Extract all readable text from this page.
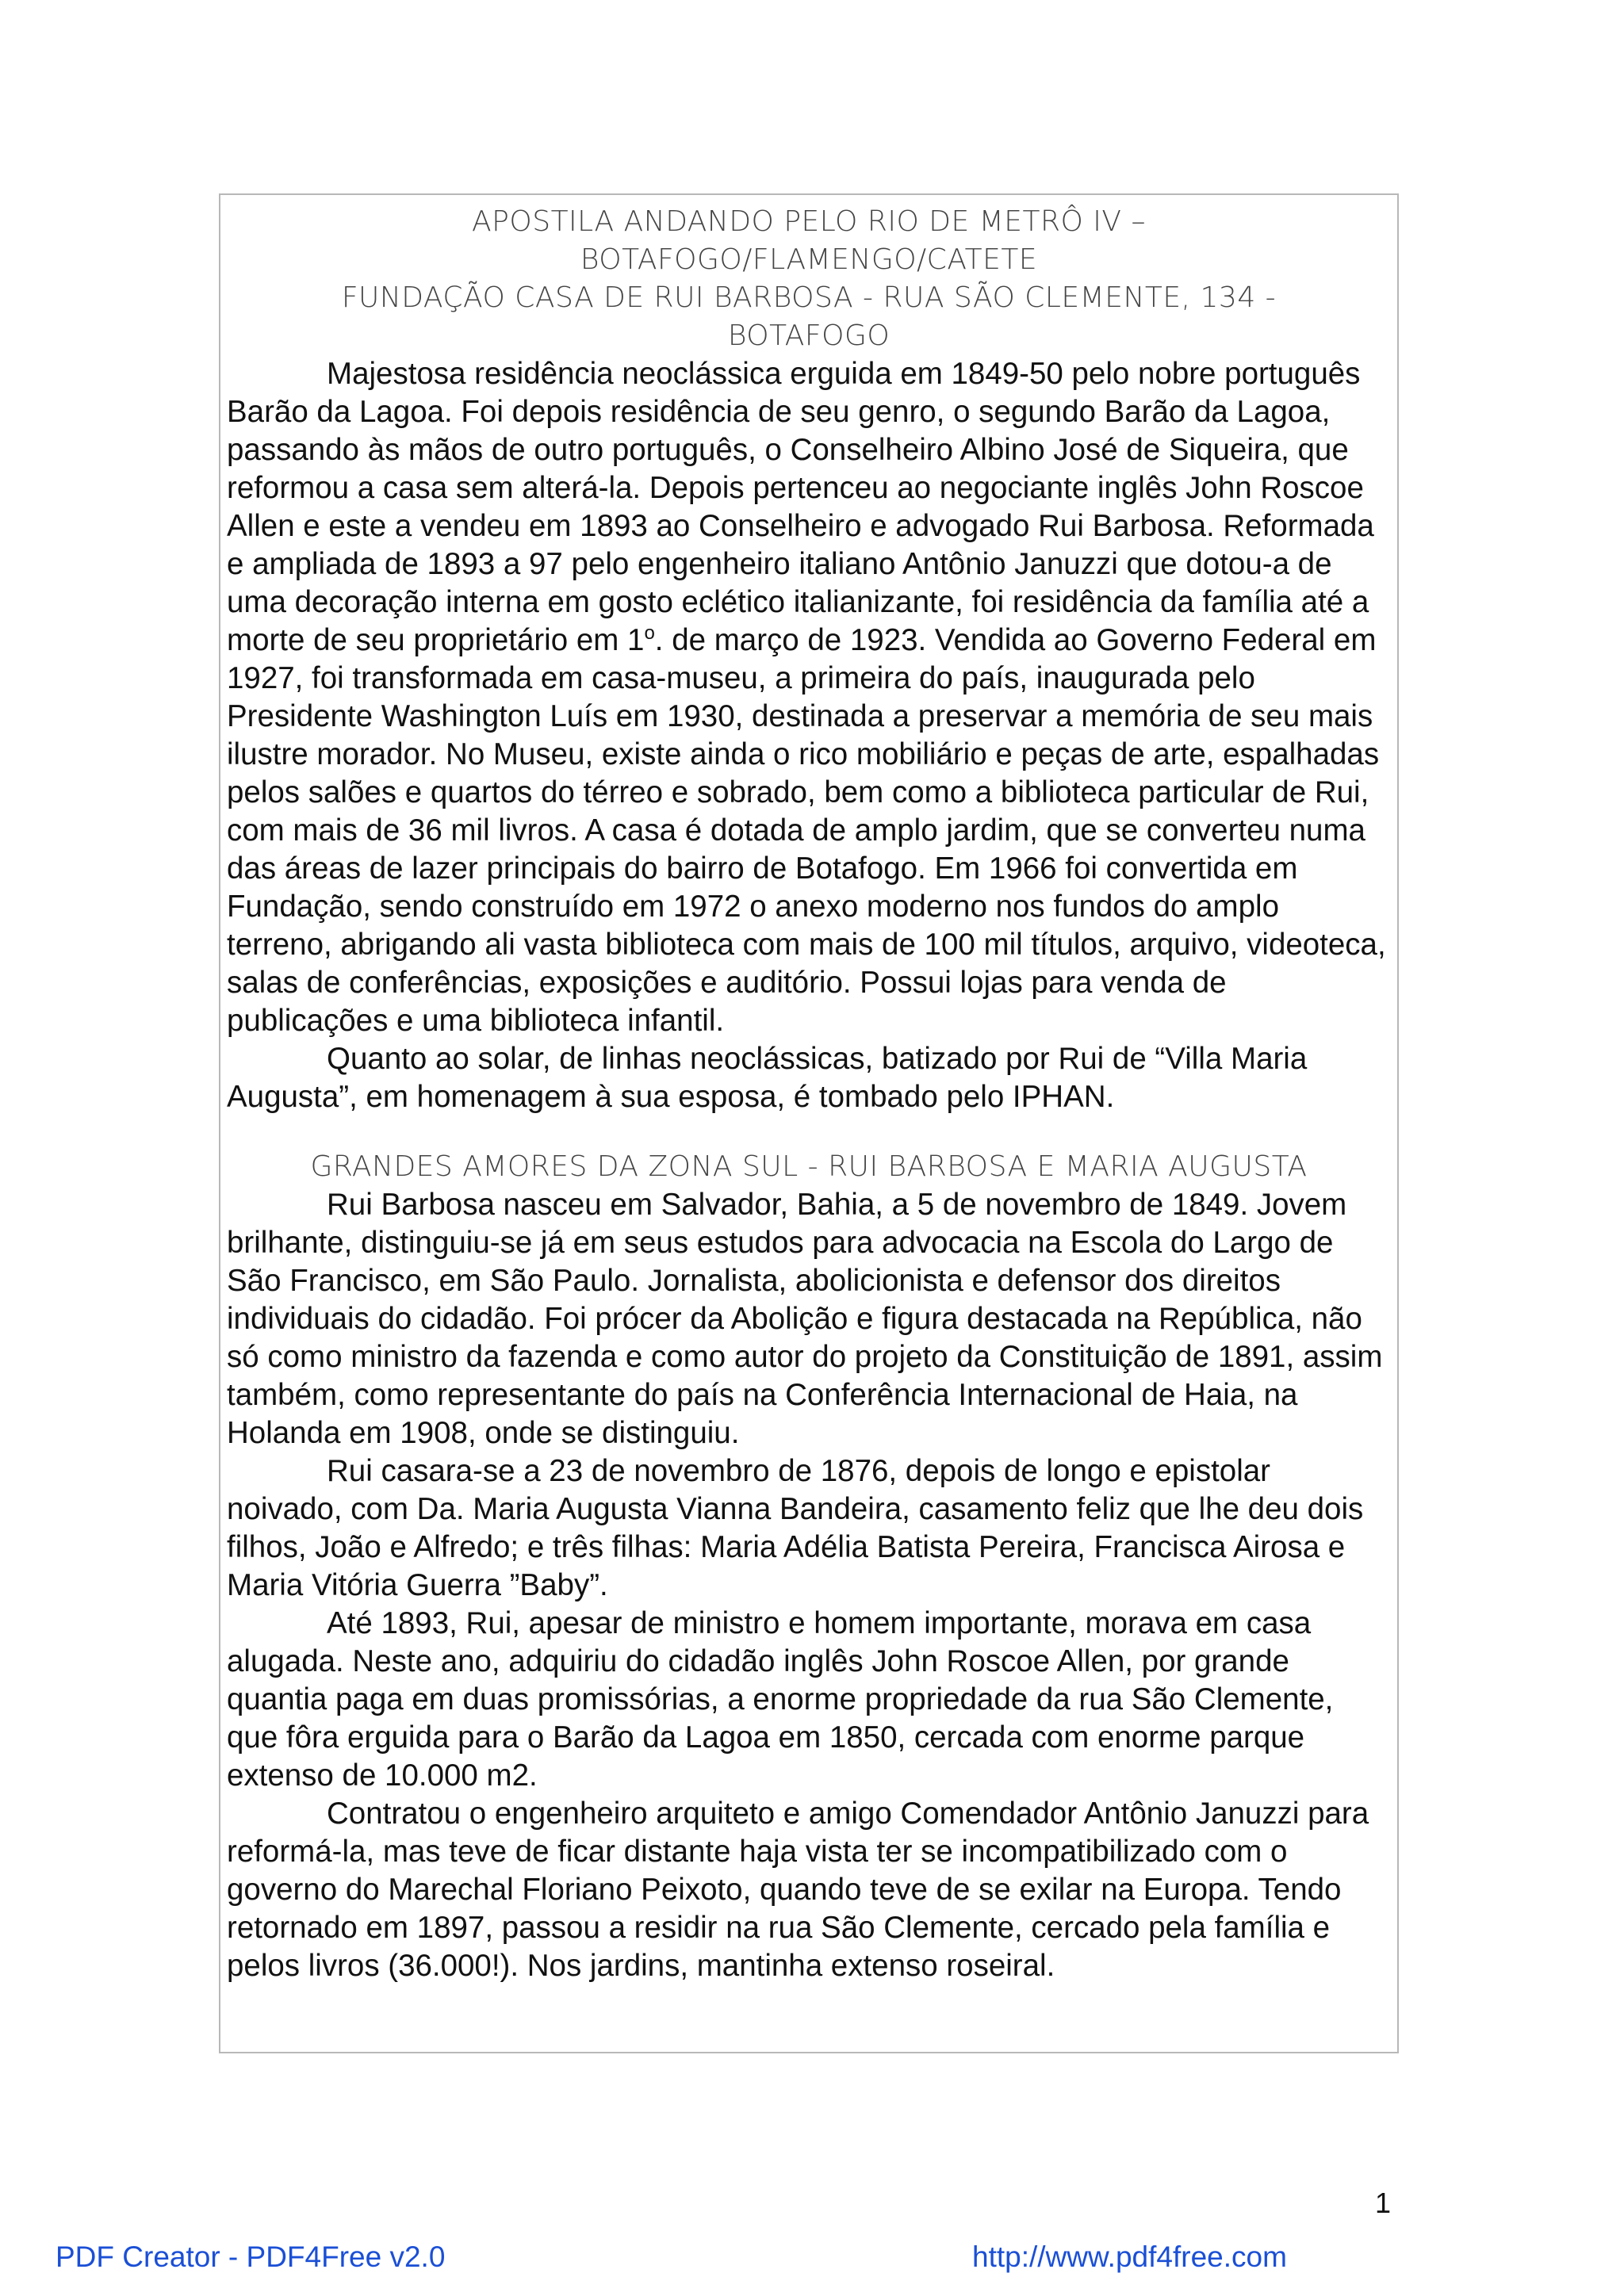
APOSTILA ANDANDO PELO RIO DE METRÔ IV –
BOTAFOGO/FLAMENGO/CATETE
FUNDAÇÃO CASA DE RUI BARBOSA - RUA SÃO CLEMENTE, 134 -
BOTAFOGO

Majestosa residência neoclássica erguida em 1849-50 pelo nobre português Barão da Lagoa. Foi depois residência de seu genro, o segundo Barão da Lagoa, passando às mãos de outro português, o Conselheiro Albino José de Siqueira, que reformou a casa sem alterá-la. Depois pertenceu ao negociante inglês John Roscoe Allen e este a vendeu em 1893 ao Conselheiro e advogado Rui Barbosa. Reformada e ampliada de 1893 a 97 pelo engenheiro italiano Antônio Januzzi que dotou-a de uma decoração interna em gosto eclético italianizante, foi residência da família até a morte de seu proprietário em 1$^o$. de março de 1923. Vendida ao Governo Federal em 1927, foi transformada em casa-museu, a primeira do país, inaugurada pelo Presidente Washington Luís em 1930, destinada a preservar a memória de seu mais ilustre morador. No Museu, existe ainda o rico mobiliário e peças de arte, espalhadas pelos salões e quartos do térreo e sobrado, bem como a biblioteca particular de Rui, com mais de 36 mil livros. A casa é dotada de amplo jardim, que se converteu numa das áreas de lazer principais do bairro de Botafogo. Em 1966 foi convertida em Fundação, sendo construído em 1972 o anexo moderno nos fundos do amplo terreno, abrigando ali vasta biblioteca com mais de 100 mil títulos, arquivo, videoteca, salas de conferências, exposições e auditório. Possui lojas para venda de publicações e uma biblioteca infantil.

Quanto ao solar, de linhas neoclássicas, batizado por Rui de “Villa Maria Augusta”, em homenagem à sua esposa, é tombado pelo IPHAN.

GRANDES AMORES DA ZONA SUL - RUI BARBOSA E MARIA AUGUSTA

Rui Barbosa nasceu em Salvador, Bahia, a 5 de novembro de 1849. Jovem brilhante, distinguiu-se já em seus estudos para advocacia na Escola do Largo de São Francisco, em São Paulo. Jornalista, abolicionista e defensor dos direitos individuais do cidadão. Foi prócer da Abolição e figura destacada na República, não só como ministro da fazenda e como autor do projeto da Constituição de 1891, assim também, como representante do país na Conferência Internacional de Haia, na Holanda em 1908, onde se distinguiu.

Rui casara-se a 23 de novembro de 1876, depois de longo e epistolar noivado, com Da. Maria Augusta Vianna Bandeira, casamento feliz que lhe deu dois filhos, João e Alfredo; e três filhas: Maria Adélia Batista Pereira, Francisca Airosa e Maria Vitória Guerra ”Baby”.

Até 1893, Rui, apesar de ministro e homem importante, morava em casa alugada. Neste ano, adquiriu do cidadão inglês John Roscoe Allen, por grande quantia paga em duas promissórias, a enorme propriedade da rua São Clemente, que fôra erguida para o Barão da Lagoa em 1850, cercada com enorme parque extenso de 10.000 m2.

Contratou o engenheiro arquiteto e amigo Comendador Antônio Januzzi para reformá-la, mas teve de ficar distante haja vista ter se incompatibilizado com o governo do Marechal Floriano Peixoto, quando teve de se exilar na Europa. Tendo retornado em 1897, passou a residir na rua São Clemente, cercado pela família e pelos livros (36.000!). Nos jardins, mantinha extenso roseiral.

1
PDF Creator - PDF4Free v2.0	http://www.pdf4free.com
